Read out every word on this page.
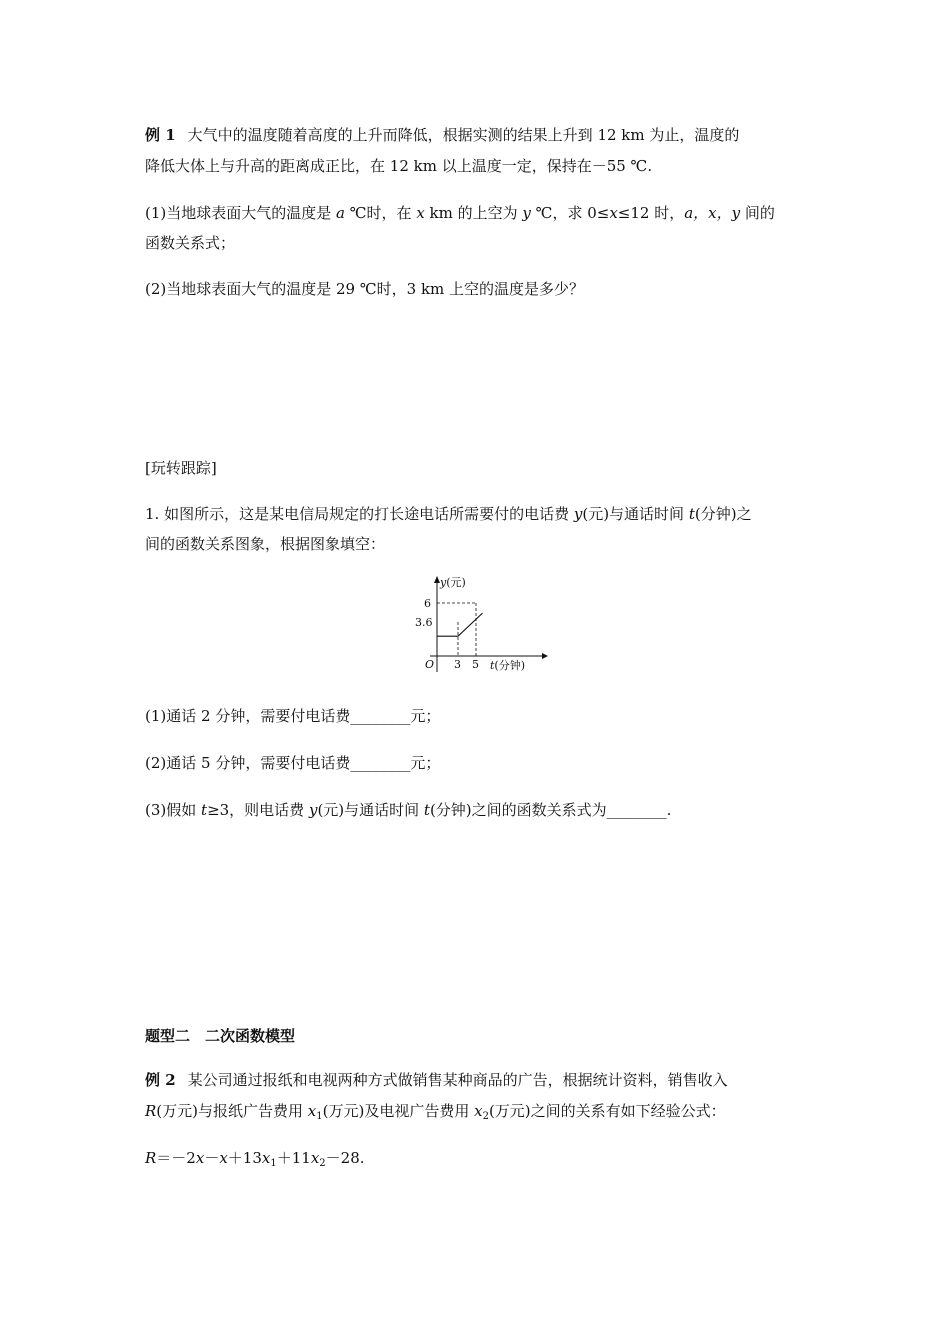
例 1 大气中的温度随着高度的上升而降低，根据实测的结果上升到 12 km 为止，温度的
降低大体上与升高的距离成正比，在 12 km 以上温度一定，保持在－55 ℃.
(1)当地球表面大气的温度是 a ℃时，在 x km 的上空为 y ℃，求 0≤x≤12 时，a，x，y 间的
函数关系式；
(2)当地球表面大气的温度是 29 ℃时，3 km 上空的温度是多少？
[玩转跟踪]
1. 如图所示，这是某电信局规定的打长途电话所需要付的电话费 y(元)与通话时间 t(分钟)之
间的函数关系图象，根据图象填空：
y(元)
6
3.6
O 3 5 t(分钟)
(1)通话 2 分钟，需要付电话费________元；
(2)通话 5 分钟，需要付电话费________元；
(3)假如 t≥3，则电话费 y(元)与通话时间 t(分钟)之间的函数关系式为________.
题型二　二次函数模型
例 2 某公司通过报纸和电视两种方式做销售某种商品的广告，根据统计资料，销售收入
R(万元)与报纸广告费用 $x_1$(万元)及电视广告费用 $x_2$(万元)之间的关系有如下经验公式：
$R=-2x-x+13x_1+11x_2-28$.
